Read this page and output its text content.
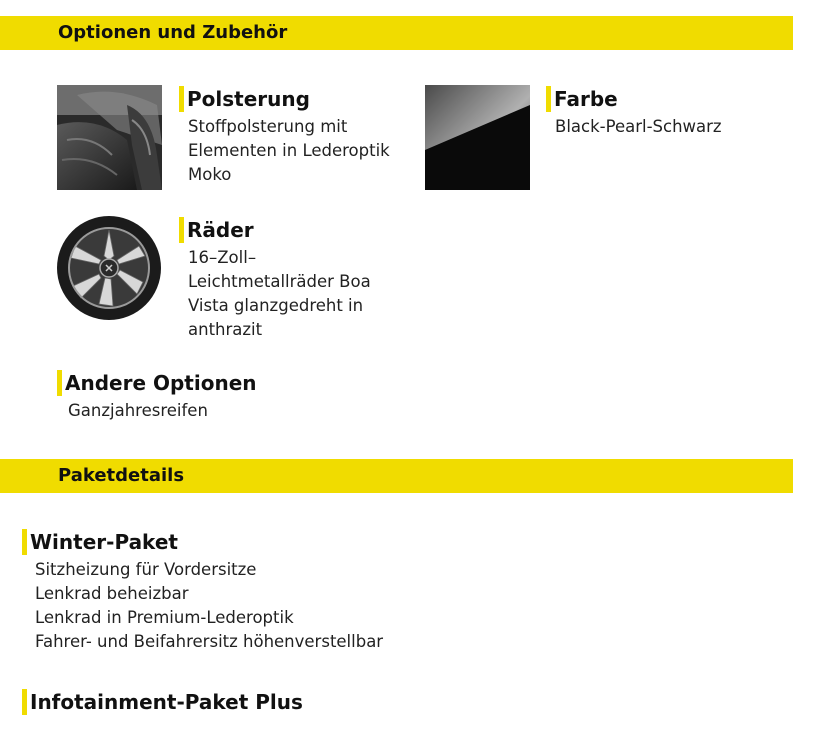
Optionen und Zubehör
Polsterung
Stoffpolsterung mit
Elementen in Lederoptik
Moko
Farbe
Black-Pearl-Schwarz
Räder
16–Zoll–
Leichtmetallräder Boa
Vista glanzgedreht in
anthrazit
Andere Optionen
Ganzjahresreifen
Paketdetails
Winter-Paket
Sitzheizung für Vordersitze
Lenkrad beheizbar
Lenkrad in Premium-Lederoptik
Fahrer- und Beifahrersitz höhenverstellbar
Infotainment-Paket Plus
